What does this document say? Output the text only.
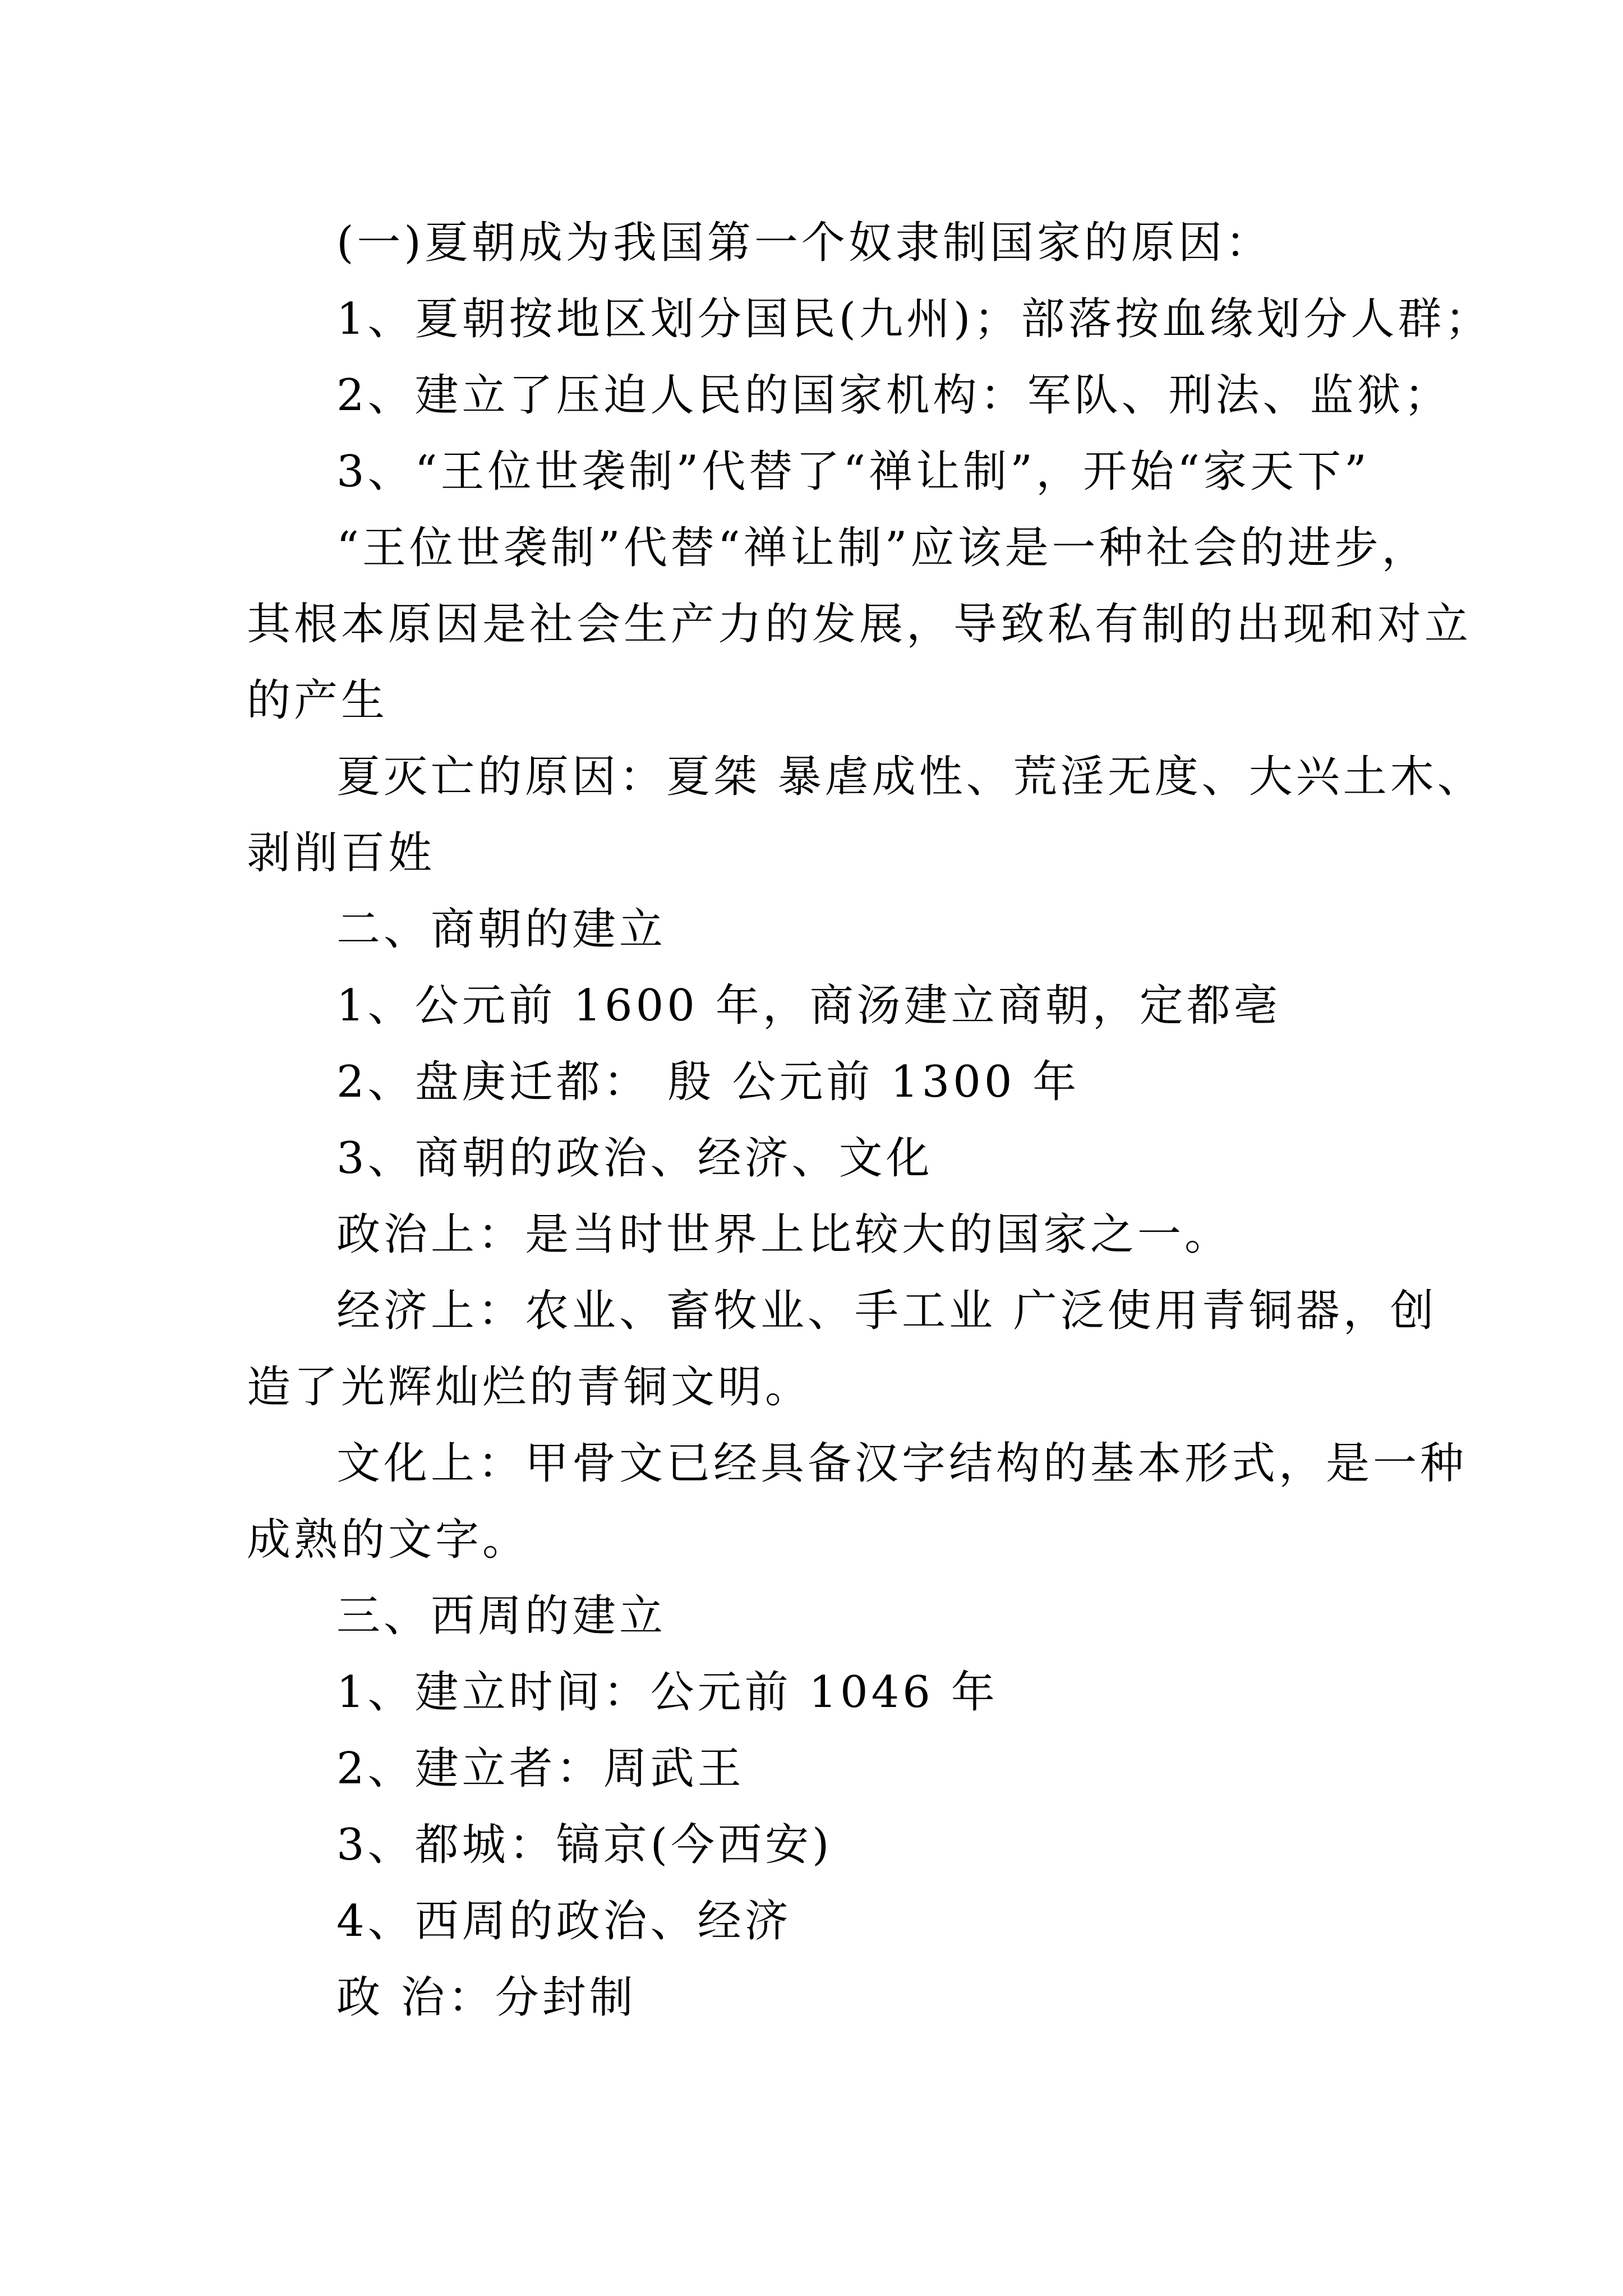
(一)夏朝成为我国第一个奴隶制国家的原因：
1、夏朝按地区划分国民(九州)；部落按血缘划分人群；
2、建立了压迫人民的国家机构：军队、刑法、监狱；
3、“王位世袭制”代替了“禅让制”，开始“家天下”
“王位世袭制”代替“禅让制”应该是一种社会的进步，
其根本原因是社会生产力的发展，导致私有制的出现和对立
的产生
夏灭亡的原因：夏桀 暴虐成性、荒淫无度、大兴土木、
剥削百姓
二、商朝的建立
1、公元前 1600 年，商汤建立商朝，定都亳
2、盘庚迁都： 殷 公元前 1300 年
3、商朝的政治、经济、文化
政治上：是当时世界上比较大的国家之一。
经济上：农业、畜牧业、手工业 广泛使用青铜器，创
造了光辉灿烂的青铜文明。
文化上：甲骨文已经具备汉字结构的基本形式，是一种
成熟的文字。
三、西周的建立
1、建立时间：公元前 1046 年
2、建立者：周武王
3、都城：镐京(今西安)
4、西周的政治、经济
政 治：分封制
